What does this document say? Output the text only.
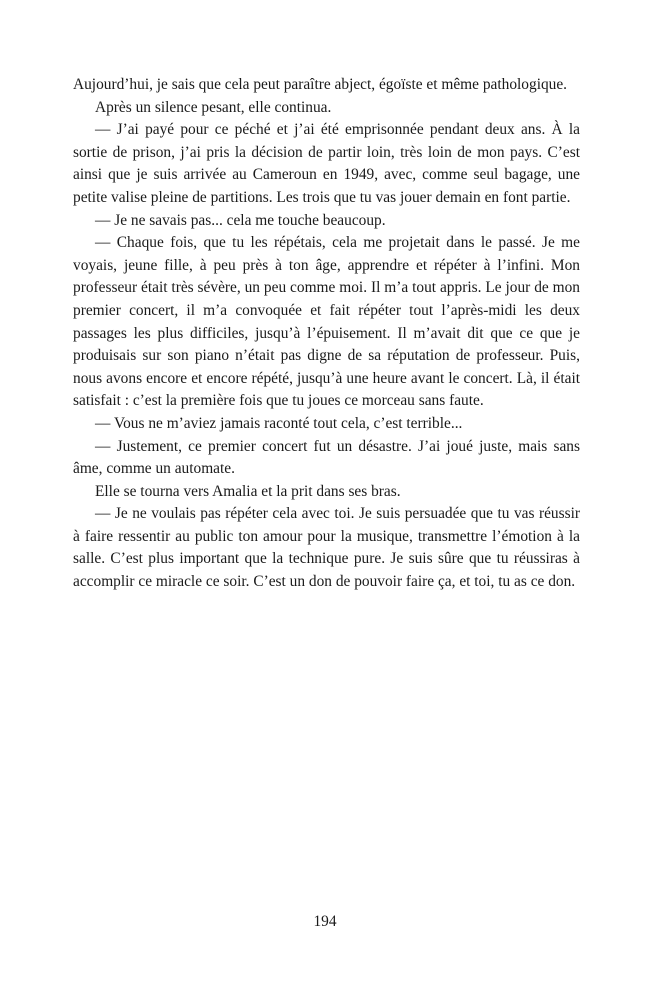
Aujourd’hui, je sais que cela peut paraître abject, égoïste et même pathologique.

Après un silence pesant, elle continua.

— J’ai payé pour ce péché et j’ai été emprisonnée pendant deux ans. À la sortie de prison, j’ai pris la décision de partir loin, très loin de mon pays. C’est ainsi que je suis arrivée au Cameroun en 1949, avec, comme seul bagage, une petite valise pleine de partitions. Les trois que tu vas jouer demain en font partie.

— Je ne savais pas... cela me touche beaucoup.

— Chaque fois, que tu les répétais, cela me projetait dans le passé. Je me voyais, jeune fille, à peu près à ton âge, apprendre et répéter à l’infini. Mon professeur était très sévère, un peu comme moi. Il m’a tout appris. Le jour de mon premier concert, il m’a convoquée et fait répéter tout l’après-midi les deux passages les plus difficiles, jusqu’à l’épuisement. Il m’avait dit que ce que je produisais sur son piano n’était pas digne de sa réputation de professeur. Puis, nous avons encore et encore répété, jusqu’à une heure avant le concert. Là, il était satisfait : c’est la première fois que tu joues ce morceau sans faute.

— Vous ne m’aviez jamais raconté tout cela, c’est terrible...

— Justement, ce premier concert fut un désastre. J’ai joué juste, mais sans âme, comme un automate.

Elle se tourna vers Amalia et la prit dans ses bras.

— Je ne voulais pas répéter cela avec toi. Je suis persuadée que tu vas réussir à faire ressentir au public ton amour pour la musique, transmettre l’émotion à la salle. C’est plus important que la technique pure. Je suis sûre que tu réussiras à accomplir ce miracle ce soir. C’est un don de pouvoir faire ça, et toi, tu as ce don.

194
